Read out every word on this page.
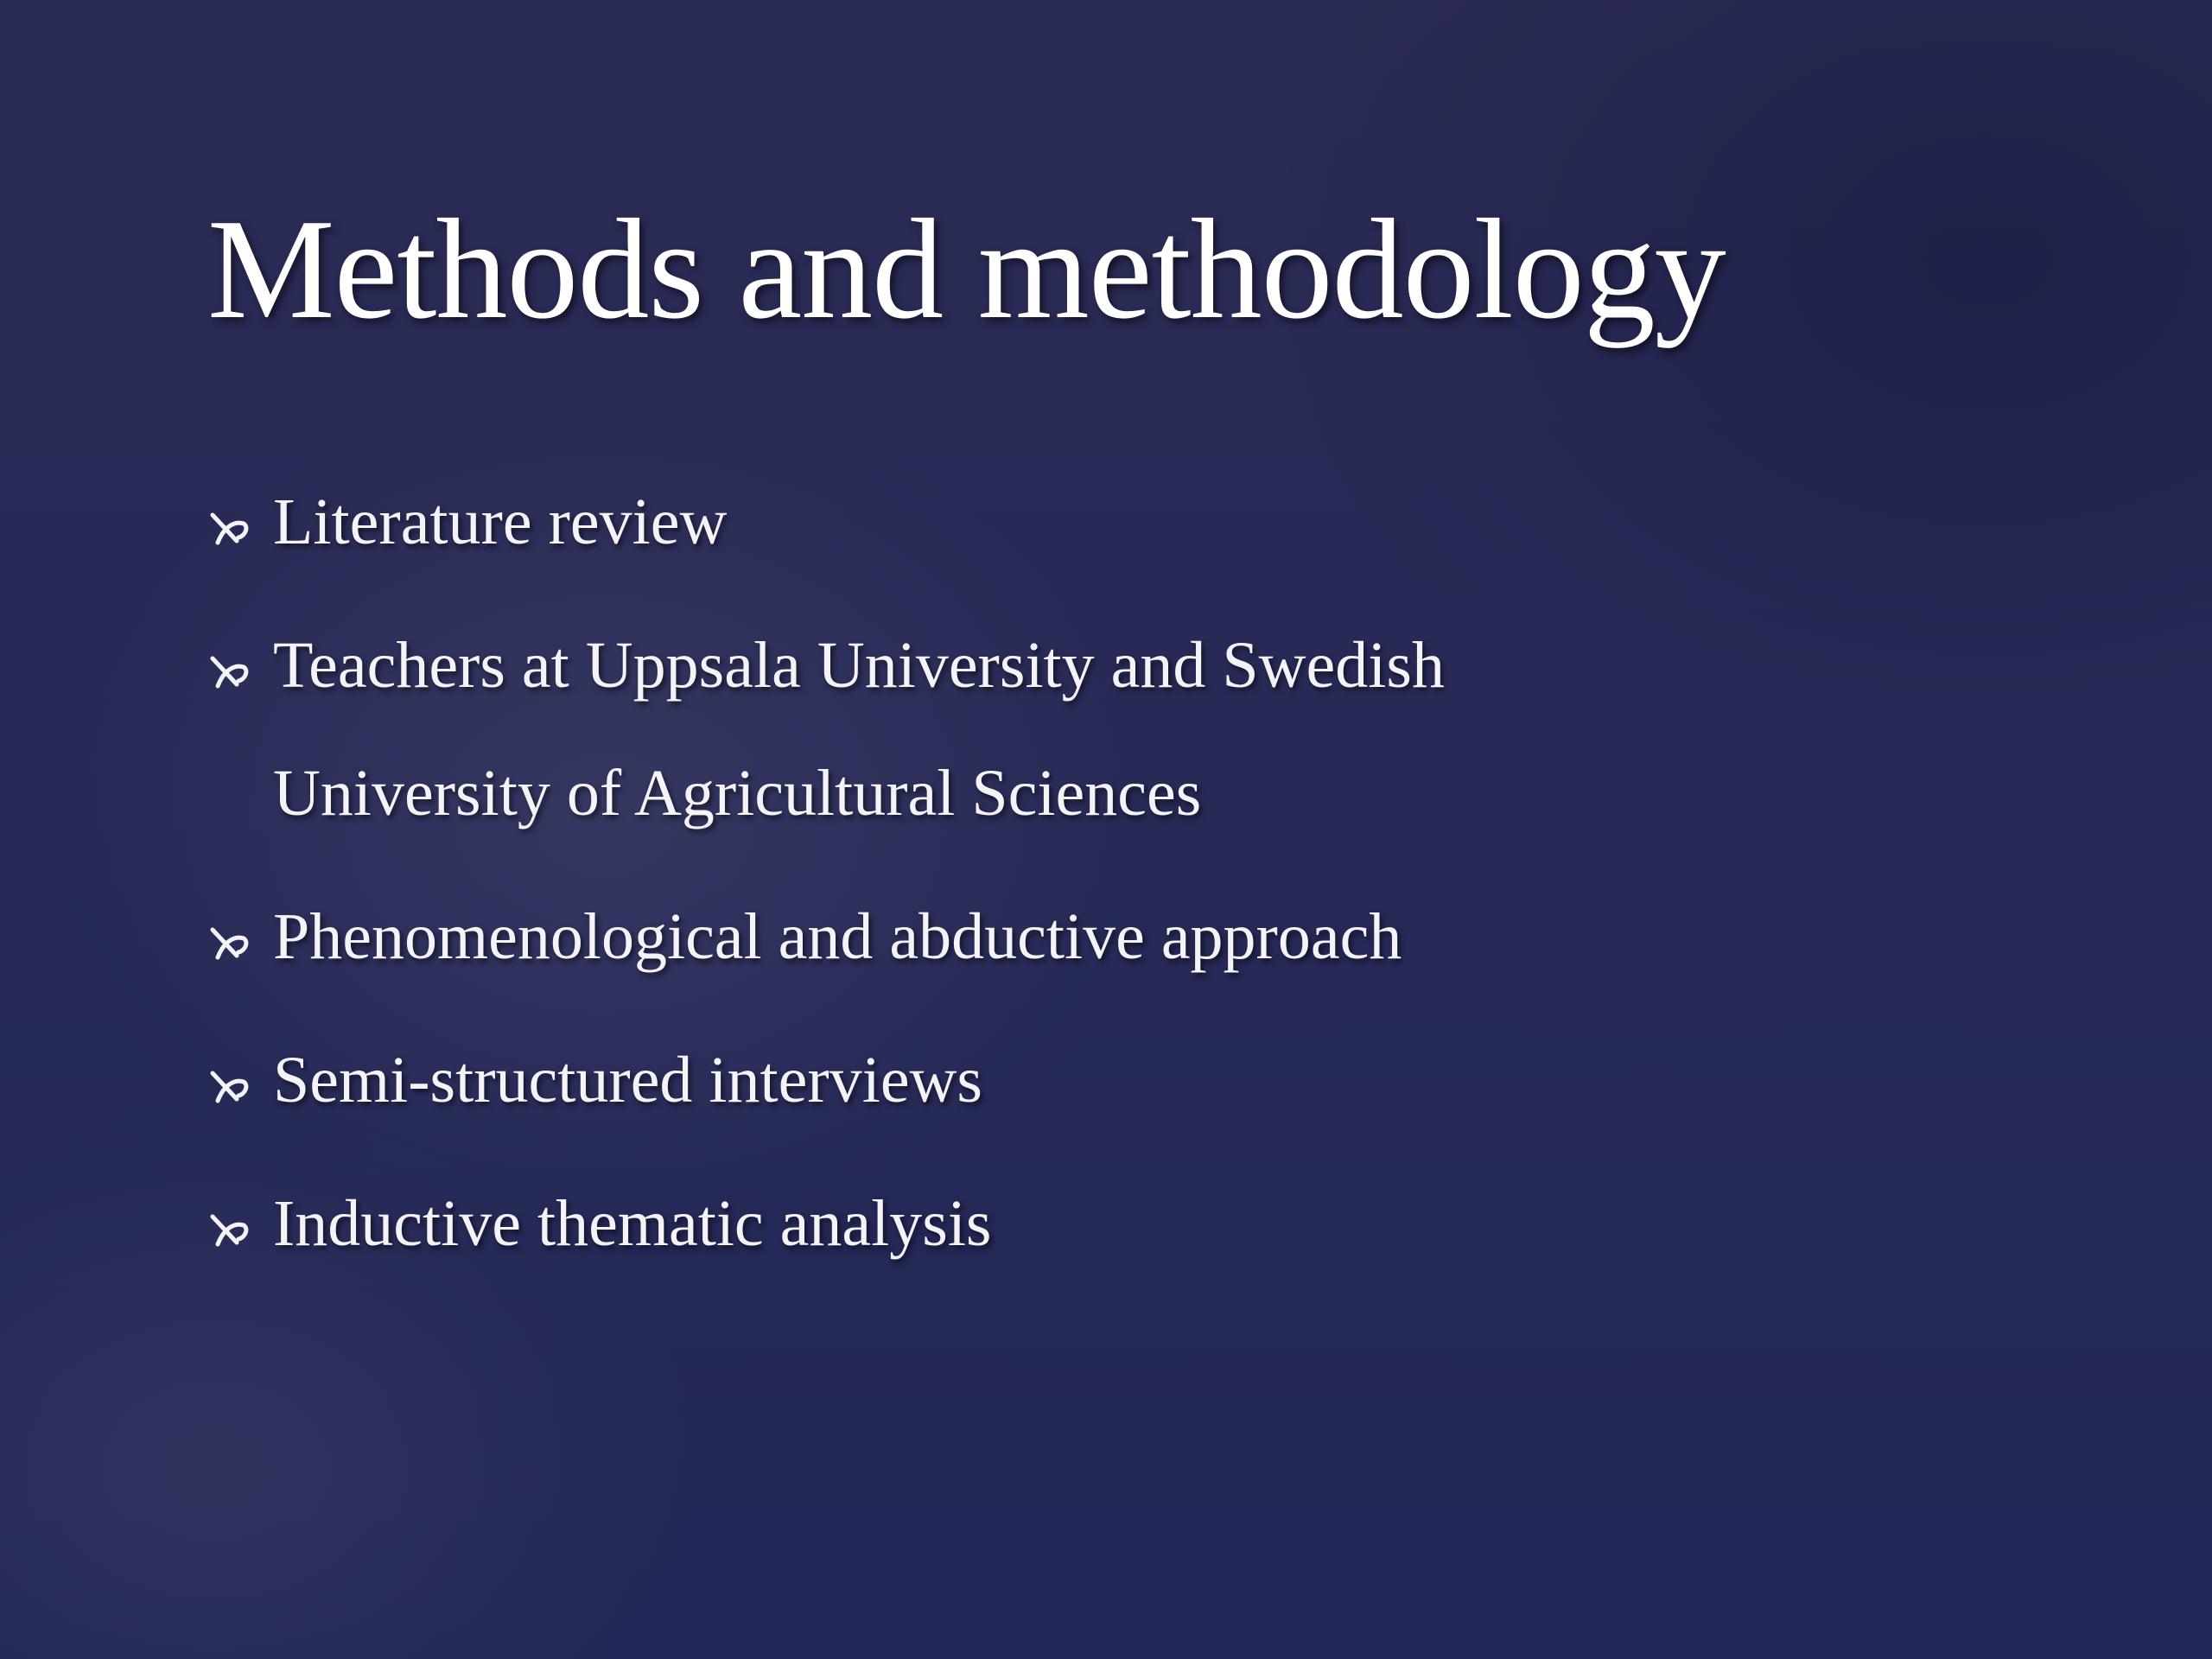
Methods and methodology
Literature review
Teachers at Uppsala University and Swedish University of Agricultural Sciences
Phenomenological and abductive approach
Semi-structured interviews
Inductive thematic analysis
